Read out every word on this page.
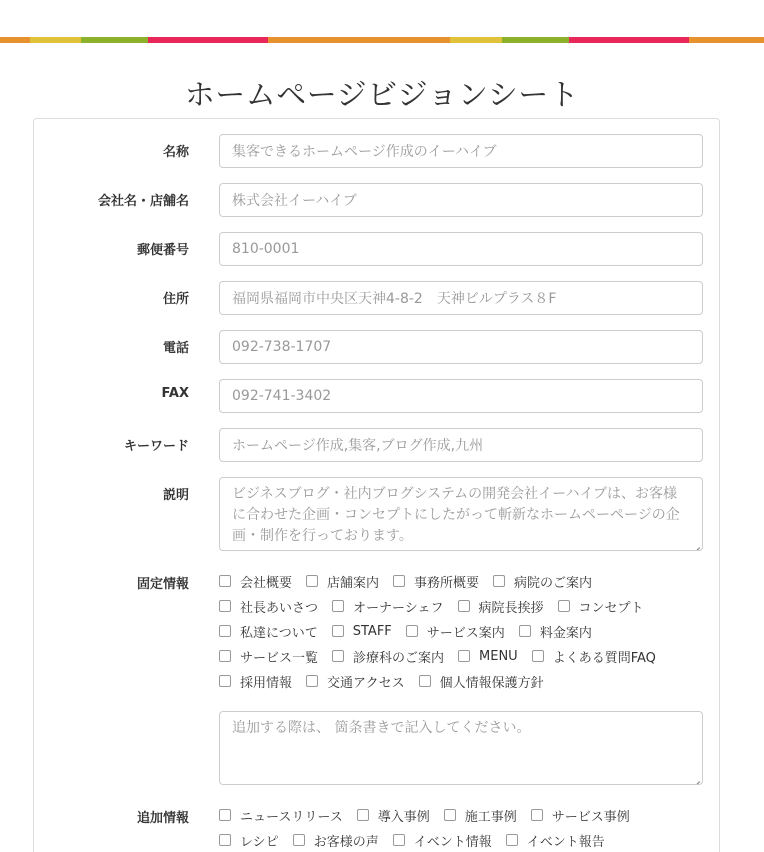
ホームページビジョンシート
名称	集客できるホームページ作成のイーハイブ
会社名・店舗名	株式会社イーハイブ
郵便番号	810-0001
住所	福岡県福岡市中央区天神4-8-2　天神ビルプラス８F
電話	092-738-1707
FAX	092-741-3402
キーワード	ホームページ作成,集客,ブログ作成,九州
説明	ビジネスブログ・社内ブログシステムの開発会社イーハイブは、お客様に合わせた企画・コンセプトにしたがって斬新なホームペーページの企画・制作を行っております。
固定情報	会社概要	店舗案内	事務所概要	病院のご案内
社長あいさつ	オーナーシェフ	病院長挨拶	コンセプト
私達について	STAFF	サービス案内	料金案内
サービス一覧	診療科のご案内	MENU	よくある質問FAQ
採用情報	交通アクセス	個人情報保護方針
追加する際は、 箇条書きで記入してください。
追加情報	ニュースリリース	導入事例	施工事例	サービス事例
レシピ	お客様の声	イベント情報	イベント報告
